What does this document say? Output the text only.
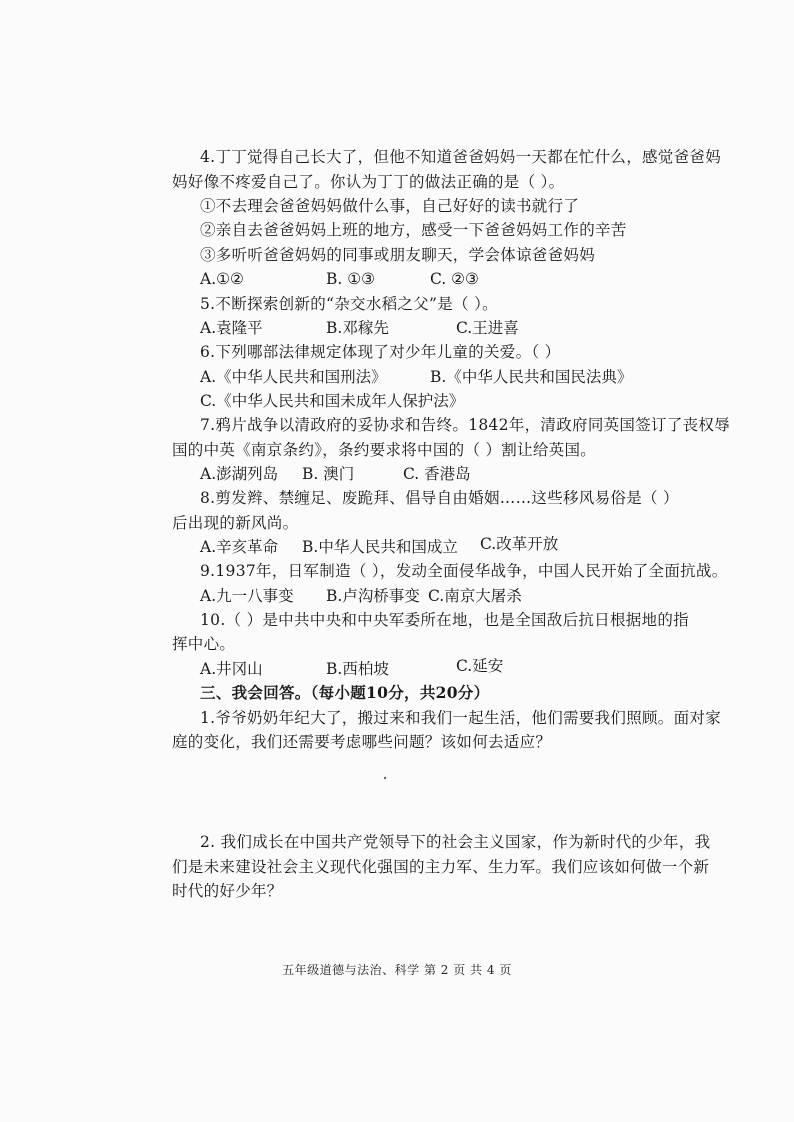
4.丁丁觉得自己长大了，但他不知道爸爸妈妈一天都在忙什么，感觉爸爸妈
妈好像不疼爱自己了。你认为丁丁的做法正确的是（ ）。
①不去理会爸爸妈妈做什么事，自己好好的读书就行了
②亲自去爸爸妈妈上班的地方，感受一下爸爸妈妈工作的辛苦
③多听听爸爸妈妈的同事或朋友聊天，学会体谅爸爸妈妈
A.①②	B. ①③	C. ②③
5.不断探索创新的“杂交水稻之父”是（ ）。
A.袁隆平	B.邓稼先	C.王进喜
6.下列哪部法律规定体现了对少年儿童的关爱。（ ）
A.《中华人民共和国刑法》	B.《中华人民共和国民法典》
C.《中华人民共和国未成年人保护法》
7.鸦片战争以清政府的妥协求和告终。1842年，清政府同英国签订了丧权辱
国的中英《南京条约》，条约要求将中国的（ ）割让给英国。
A.澎湖列岛 B. 澳门	C. 香港岛
8.剪发辫、禁缠足、废跪拜、倡导自由婚姻……这些移风易俗是（ ）
后出现的新风尚。
A.辛亥革命 B.中华人民共和国成立 C.改革开放
9.1937年，日军制造（ ），发动全面侵华战争，中国人民开始了全面抗战。
A.九一八事变 B.卢沟桥事变 C.南京大屠杀
10.（ ）是中共中央和中央军委所在地，也是全国敌后抗日根据地的指
挥中心。
A.井冈山	B.西柏坡	C.延安
三、我会回答。（每小题10分，共20分）
1.爷爷奶奶年纪大了，搬过来和我们一起生活，他们需要我们照顾。面对家
庭的变化，我们还需要考虑哪些问题？该如何去适应？
2. 我们成长在中国共产党领导下的社会主义国家，作为新时代的少年，我
们是未来建设社会主义现代化强国的主力军、生力军。我们应该如何做一个新
时代的好少年？
五年级道德与法治、科学 第 2 页 共 4 页
